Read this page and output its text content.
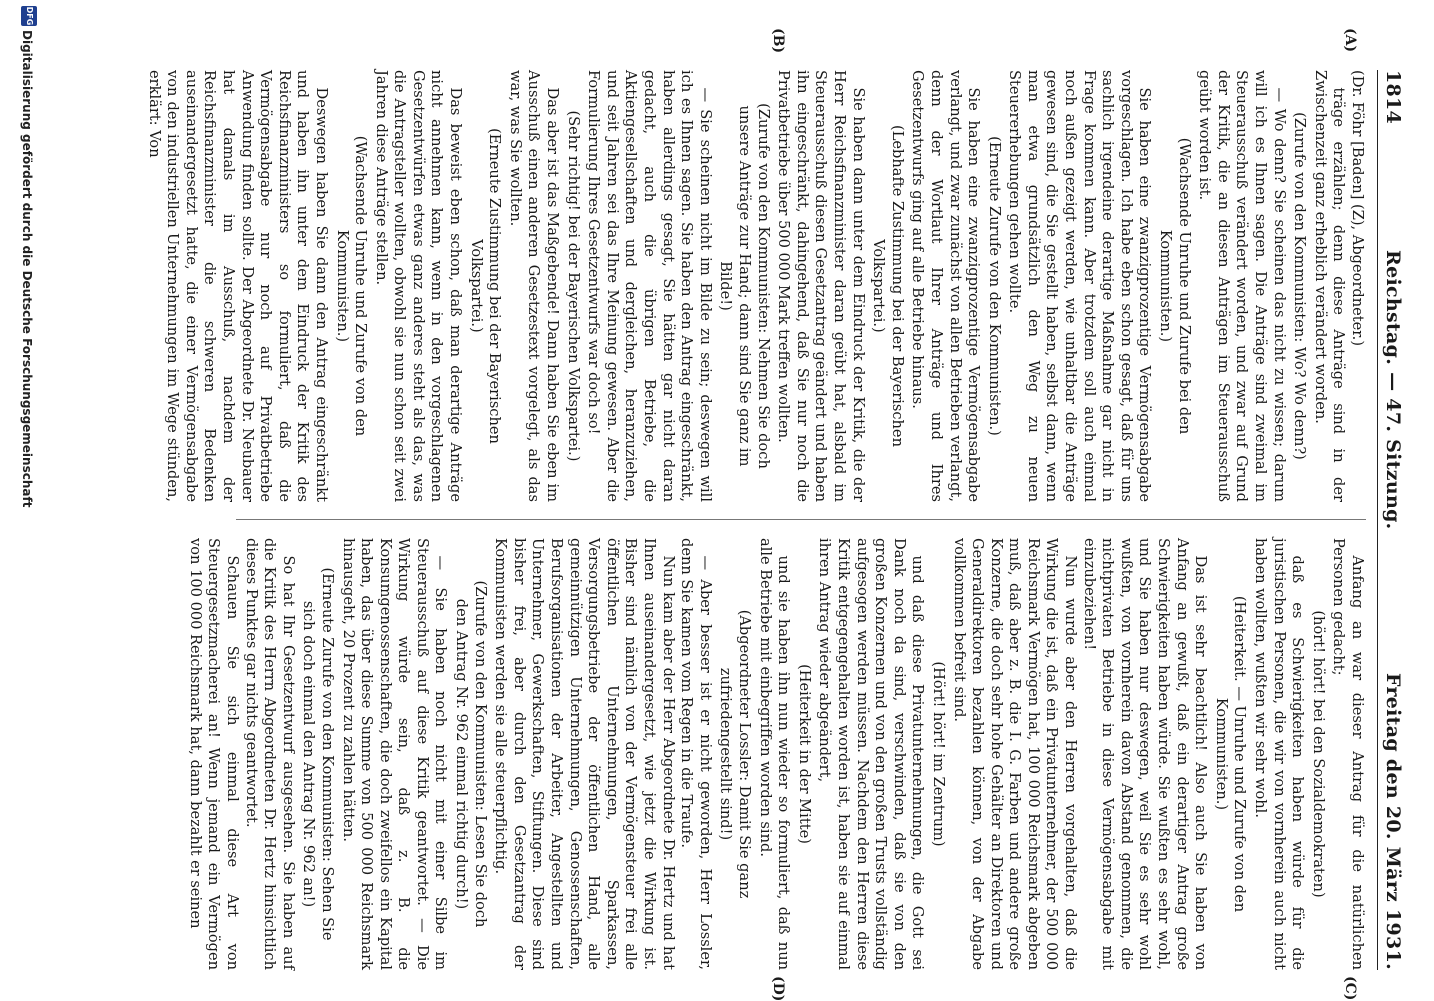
1814
Reichstag. — 47. Sitzung.
Freitag den 20. März 1931.
(A)
(B)
(C)
(D)

(Dr. Föhr [Baden] (Z), Abgeordneter.)

träge erzählen; denn diese Anträge sind in der Zwischenzeit ganz erheblich verändert worden.

(Zurufe von den Kommunisten: Wo? Wo denn?)

— Wo denn? Sie scheinen das nicht zu wissen; darum will ich es Ihnen sagen. Die Anträge sind zweimal im Steuerausschuß verändert worden, und zwar auf Grund der Kritik, die an diesen Anträgen im Steuerausschuß geübt worden ist.

(Wachsende Unruhe und Zurufe bei den Kommunisten.)

Sie haben eine zwanzigprozentige Vermögensabgabe vorgeschlagen. Ich habe eben schon gesagt, daß für uns sachlich irgendeine derartige Maßnahme gar nicht in Frage kommen kann. Aber trotzdem soll auch einmal noch außen gezeigt werden, wie unhaltbar die Anträge gewesen sind, die Sie gestellt haben, selbst dann, wenn man etwa grundsätzlich den Weg zu neuen Steuererhebungen gehen wollte.

(Erneute Zurufe von den Kommunisten.)

Sie haben eine zwanzigprozentige Vermögensabgabe verlangt, und zwar zunächst von allen Betrieben verlangt, denn der Wortlaut Ihrer Anträge und Ihres Gesetzentwurfs ging auf alle Betriebe hinaus.

(Lebhafte Zustimmung bei der Bayerischen Volkspartei.)

Sie haben dann unter dem Eindruck der Kritik, die der Herr Reichsfinanzminister daran geübt hat, alsbald im Steuerausschuß diesen Gesetzantrag geändert und haben ihn eingeschränkt, dahingehend, daß Sie nur noch die Privatbetriebe über 500 000 Mark treffen wollten.

(Zurufe von den Kommunisten: Nehmen Sie doch unsere Anträge zur Hand; dann sind Sie ganz im Bilde!)

— Sie scheinen nicht im Bilde zu sein; deswegen will ich es Ihnen sagen. Sie haben den Antrag eingeschränkt, haben allerdings gesagt, Sie hätten gar nicht daran gedacht, auch die übrigen Betriebe, die Aktiengesellschaften und dergleichen, heranzuziehen, und seit Jahren sei das Ihre Meinung gewesen. Aber die Formulierung Ihres Gesetzentwurfs war doch so!

(Sehr richtig! bei der Bayerischen Volkspartei.)

Das aber ist das Maßgebende! Dann haben Sie eben im Ausschuß einen anderen Gesetzestext vorgelegt, als das war, was Sie wollten.

(Erneute Zustimmung bei der Bayerischen Volkspartei.)

Das beweist eben schon, daß man derartige Anträge nicht annehmen kann, wenn in den vorgeschlagenen Gesetzentwürfen etwas ganz anderes steht als das, was die Antragsteller wollten, obwohl sie nun schon seit zwei Jahren diese Anträge stellen.

(Wachsende Unruhe und Zurufe von den Kommunisten.)

Deswegen haben Sie dann den Antrag eingeschränkt und haben ihn unter dem Eindruck der Kritik des Reichsfinanzministers so formuliert, daß die Vermögensabgabe nur noch auf Privatbetriebe Anwendung finden sollte. Der Abgeordnete Dr. Neubauer hat damals im Ausschuß, nachdem der Reichsfinanzminister die schweren Bedenken auseinandergesetzt hatte, die einer Vermögensabgabe von den industriellen Unternehmungen im Wege stünden, erklärt: Von

Anfang an war dieser Antrag für die natürlichen Personen gedacht;

(hört! hört! bei den Sozialdemokraten)

daß es Schwierigkeiten haben würde für die juristischen Personen, die wir von vornherein auch nicht haben wollten, wußten wir sehr wohl.

(Heiterkeit. — Unruhe und Zurufe von den Kommunisten.)

Das ist sehr beachtlich! Also auch Sie haben von Anfang an gewußt, daß ein derartiger Antrag große Schwierigkeiten haben würde. Sie wußten es sehr wohl, und Sie haben nur deswegen, weil Sie es sehr wohl wußten, von vornherein davon Abstand genommen, die nichtprivaten Betriebe in diese Vermögensabgabe mit einzubeziehen!

Nun wurde aber den Herren vorgehalten, daß die Wirkung die ist, daß ein Privatunternehmer, der 500 000 Reichsmark Vermögen hat, 100 000 Reichsmark abgeben muß, daß aber z. B. die I. G. Farben und andere große Konzerne, die doch sehr hohe Gehälter an Direktoren und Generaldirektoren bezahlen können, von der Abgabe vollkommen befreit sind.

(Hört! hört! im Zentrum)

und daß diese Privatunternehmungen, die Gott sei Dank noch da sind, verschwinden, daß sie von den großen Konzernen und von den großen Trusts vollständig aufgesogen werden müssen. Nachdem den Herren diese Kritik entgegengehalten worden ist, haben sie auf einmal ihren Antrag wieder abgeändert,

(Heiterkeit in der Mitte)

und sie haben ihn nun wieder so formuliert, daß nun alle Betriebe mit einbegriffen worden sind.

(Abgeordneter Lossler: Damit Sie ganz zufriedengestellt sind!)

— Aber besser ist er nicht geworden, Herr Lossler, denn Sie kamen vom Regen in die Traufe.

Nun kam aber der Herr Abgeordnete Dr. Hertz und hat Ihnen auseinandergesetzt, wie jetzt die Wirkung ist. Bisher sind nämlich von der Vermögensteuer frei alle öffentlichen Unternehmungen, Sparkassen, Versorgungsbetriebe der öffentlichen Hand, alle gemeinnützigen Unternehmungen, Genossenschaften, Berufsorganisationen der Arbeiter, Angestellten und Unternehmer, Gewerkschaften, Stiftungen. Diese sind bisher frei, aber durch den Gesetzantrag der Kommunisten werden sie alle steuerpflichtig.

(Zurufe von den Kommunisten: Lesen Sie doch den Antrag Nr. 962 einmal richtig durch!)

— Sie haben noch nicht mit einer Silbe im Steuerausschuß auf diese Kritik geantwortet. — Die Wirkung würde sein, daß z. B. die Konsumgenossenschaften, die doch zweifellos ein Kapital haben, das über diese Summe von 500 000 Reichsmark hinausgeht, 20 Prozent zu zahlen hätten.

(Erneute Zurufe von den Kommunisten: Sehen Sie sich doch einmal den Antrag Nr. 962 an!)

So hat Ihr Gesetzentwurf ausgesehen. Sie haben auf die Kritik des Herrn Abgeordneten Dr. Hertz hinsichtlich dieses Punktes gar nichts geantwortet.

Schauen Sie sich einmal diese Art von Steuergesetzmacherei an! Wenn jemand ein Vermögen von 100 000 Reichsmark hat, dann bezahlt er seinen

DFG
Digitalisierung gefördert durch die Deutsche Forschungsgemeinschaft
